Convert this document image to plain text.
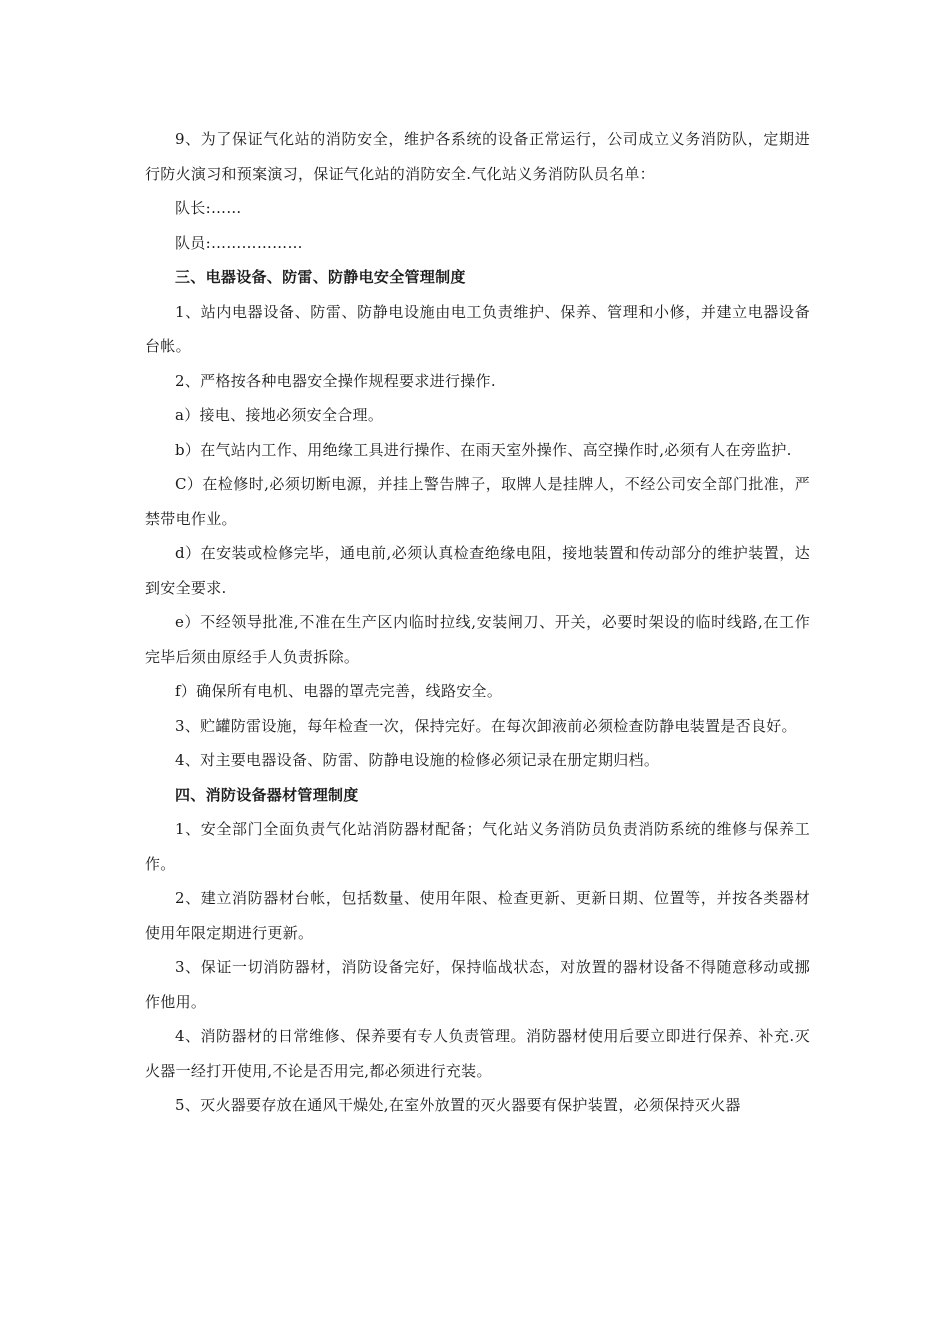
9、为了保证气化站的消防安全，维护各系统的设备正常运行，公司成立义务消防队，定期进行防火演习和预案演习，保证气化站的消防安全.气化站义务消防队员名单：

队长:……

队员:………………

三、电器设备、防雷、防静电安全管理制度

1、站内电器设备、防雷、防静电设施由电工负责维护、保养、管理和小修，并建立电器设备台帐。

2、严格按各种电器安全操作规程要求进行操作.

a）接电、接地必须安全合理。

b）在气站内工作、用绝缘工具进行操作、在雨天室外操作、高空操作时,必须有人在旁监护.

C）在检修时,必须切断电源，并挂上警告牌子，取牌人是挂牌人，不经公司安全部门批准，严禁带电作业。

d）在安装或检修完毕，通电前,必须认真检查绝缘电阻，接地装置和传动部分的维护装置，达到安全要求.

e）不经领导批准,不准在生产区内临时拉线,安装闸刀、开关，必要时架设的临时线路,在工作完毕后须由原经手人负责拆除。

f）确保所有电机、电器的罩壳完善，线路安全。

3、贮罐防雷设施，每年检查一次，保持完好。在每次卸液前必须检查防静电装置是否良好。

4、对主要电器设备、防雷、防静电设施的检修必须记录在册定期归档。

四、消防设备器材管理制度

1、安全部门全面负责气化站消防器材配备；气化站义务消防员负责消防系统的维修与保养工作。

2、建立消防器材台帐，包括数量、使用年限、检查更新、更新日期、位置等，并按各类器材使用年限定期进行更新。

3、保证一切消防器材，消防设备完好，保持临战状态，对放置的器材设备不得随意移动或挪作他用。

4、消防器材的日常维修、保养要有专人负责管理。消防器材使用后要立即进行保养、补充.灭火器一经打开使用,不论是否用完,都必须进行充装。

5、灭火器要存放在通风干燥处,在室外放置的灭火器要有保护装置，必须保持灭火器
